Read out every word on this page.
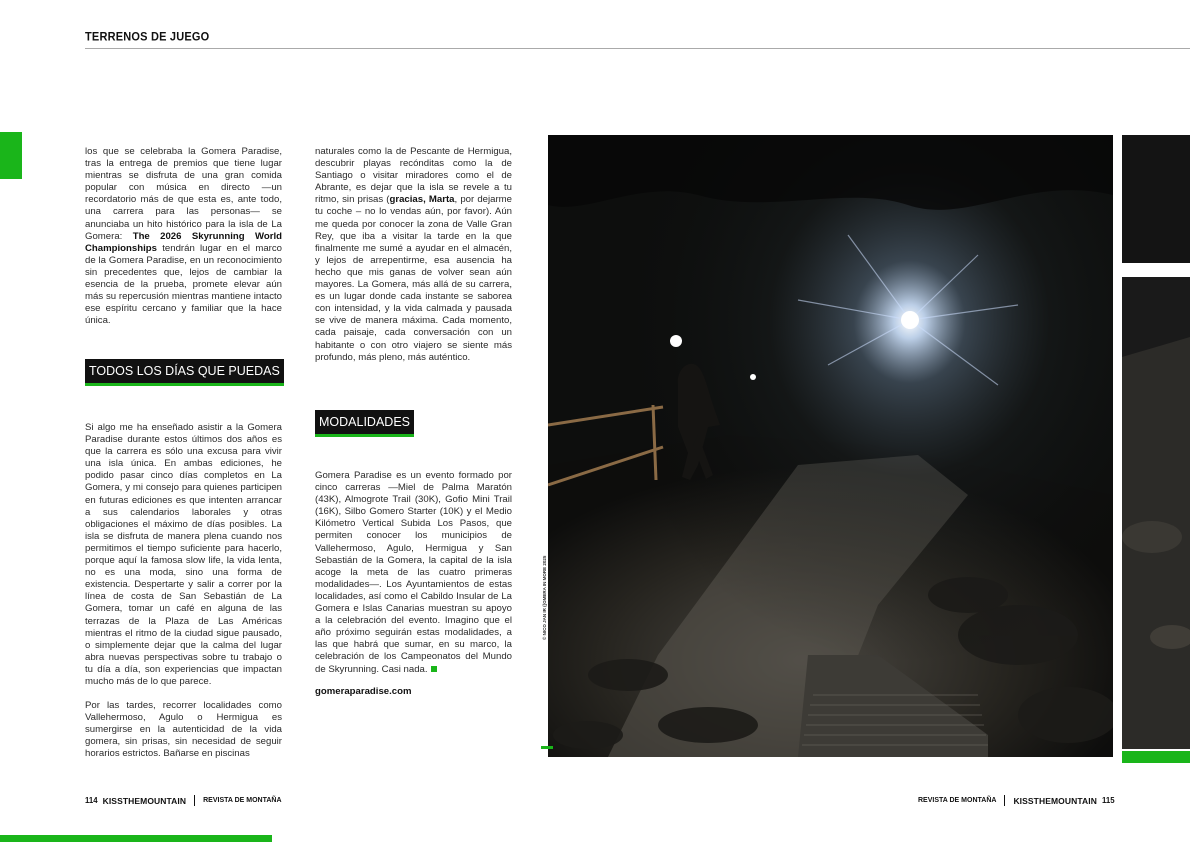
TERRENOS DE JUEGO

los que se celebraba la Gomera Paradise, tras la entrega de premios que tiene lugar mientras se disfruta de una gran comida popular con música en directo —un recordatorio más de que esta es, ante todo, una carrera para las personas— se anunciaba un hito histórico para la isla de La Gomera: The 2026 Skyrunning World Championships tendrán lugar en el marco de la Gomera Paradise, en un reconocimiento sin precedentes que, lejos de cambiar la esencia de la prueba, promete elevar aún más su repercusión mientras mantiene intacto ese espíritu cercano y familiar que la hace única.

TODOS LOS DÍAS QUE PUEDAS

Si algo me ha enseñado asistir a la Gomera Paradise durante estos últimos dos años es que la carrera es sólo una excusa para vivir una isla única. En ambas ediciones, he podido pasar cinco días completos en La Gomera, y mi consejo para quienes participen en futuras ediciones es que intenten arrancar a sus calendarios laborales y otras obligaciones el máximo de días posibles. La isla se disfruta de manera plena cuando nos permitimos el tiempo suficiente para hacerlo, porque aquí la famosa slow life, la vida lenta, no es una moda, sino una forma de existencia. Despertarte y salir a correr por la línea de costa de San Sebastián de La Gomera, tomar un café en alguna de las terrazas de la Plaza de Las Américas mientras el ritmo de la ciudad sigue pausado, o simplemente dejar que la calma del lugar abra nuevas perspectivas sobre tu trabajo o tu día a día, son experiencias que impactan mucho más de lo que parece.

Por las tardes, recorrer localidades como Vallehermoso, Agulo o Hermigua es sumergirse en la autenticidad de la vida gomera, sin prisas, sin necesidad de seguir horarios estrictos. Bañarse en piscinas

naturales como la de Pescante de Hermigua, descubrir playas recónditas como la de Santiago o visitar miradores como el de Abrante, es dejar que la isla se revele a tu ritmo, sin prisas (gracias, Marta, por dejarme tu coche – no lo vendas aún, por favor). Aún me queda por conocer la zona de Valle Gran Rey, que iba a visitar la tarde en la que finalmente me sumé a ayudar en el almacén, y lejos de arrepentirme, esa ausencia ha hecho que mis ganas de volver sean aún mayores. La Gomera, más allá de su carrera, es un lugar donde cada instante se saborea con intensidad, y la vida calmada y pausada se vive de manera máxima. Cada momento, cada paisaje, cada conversación con un habitante o con otro viajero se siente más profundo, más pleno, más auténtico.

MODALIDADES

Gomera Paradise es un evento formado por cinco carreras —Miel de Palma Maratón (43K), Almogrote Trail (30K), Gofio Mini Trail (16K), Silbo Gomero Starter (10K) y el Medio Kilómetro Vertical Subida Los Pasos, que permiten conocer los municipios de Vallehermoso, Agulo, Hermigua y San Sebastián de la Gomera, la capital de la isla acoge la meta de las cuatro primeras modalidades—. Los Ayuntamientos de estas localidades, así como el Cabildo Insular de La Gomera e Islas Canarias muestran su apoyo a la celebración del evento. Imagino que el año próximo seguirán estas modalidades, a las que habrá que sumar, en su marco, la celebración de los Campeonatos del Mundo de Skyrunning. Casi nada.

gomeraparadise.com
© NICO JAN IR ((OMERA IN MORE 2025
114 KISSTHEMOUNTAIN REVISTA DE MONTAÑA	REVISTA DE MONTAÑA KISSTHEMOUNTAIN 115
